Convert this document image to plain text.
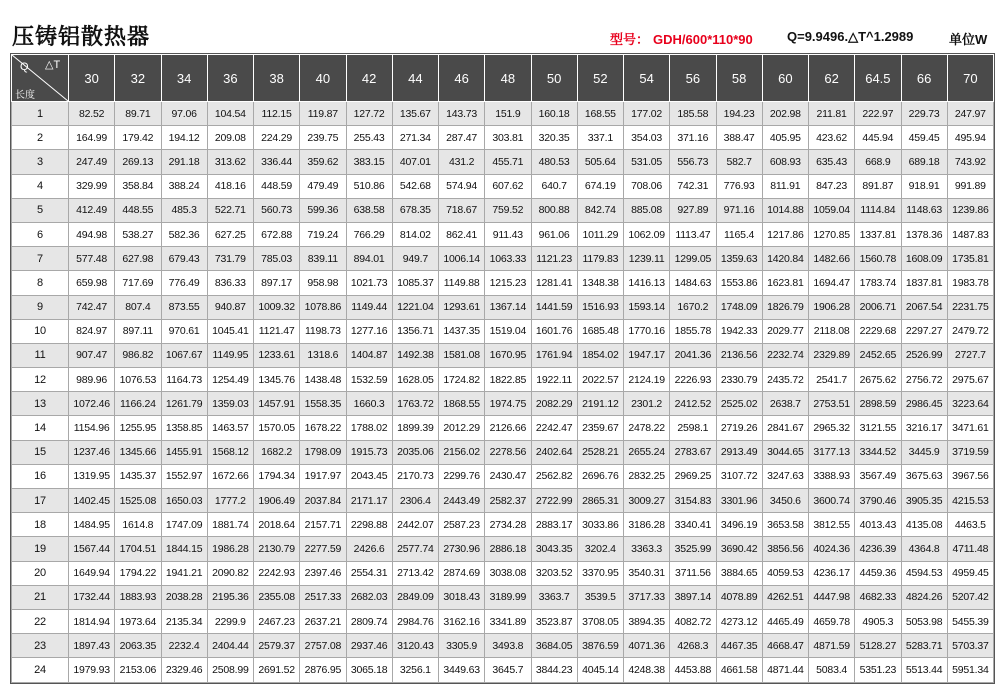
压铸铝散热器	型号： GDH/600*110*90	Q=9.9496.△T^1.2989	单位W
Q △T
长度	30	32	34	36	38	40	42	44	46	48	50	52	54	56	58	60	62	64.5	66	70
1	82.52	89.71	97.06	104.54	112.15	119.87	127.72	135.67	143.73	151.9	160.18	168.55	177.02	185.58	194.23	202.98	211.81	222.97	229.73	247.97
2	164.99	179.42	194.12	209.08	224.29	239.75	255.43	271.34	287.47	303.81	320.35	337.1	354.03	371.16	388.47	405.95	423.62	445.94	459.45	495.94
3	247.49	269.13	291.18	313.62	336.44	359.62	383.15	407.01	431.2	455.71	480.53	505.64	531.05	556.73	582.7	608.93	635.43	668.9	689.18	743.92
4	329.99	358.84	388.24	418.16	448.59	479.49	510.86	542.68	574.94	607.62	640.7	674.19	708.06	742.31	776.93	811.91	847.23	891.87	918.91	991.89
5	412.49	448.55	485.3	522.71	560.73	599.36	638.58	678.35	718.67	759.52	800.88	842.74	885.08	927.89	971.16	1014.88	1059.04	1114.84	1148.63	1239.86
6	494.98	538.27	582.36	627.25	672.88	719.24	766.29	814.02	862.41	911.43	961.06	1011.29	1062.09	1113.47	1165.4	1217.86	1270.85	1337.81	1378.36	1487.83
7	577.48	627.98	679.43	731.79	785.03	839.11	894.01	949.7	1006.14	1063.33	1121.23	1179.83	1239.11	1299.05	1359.63	1420.84	1482.66	1560.78	1608.09	1735.81
8	659.98	717.69	776.49	836.33	897.17	958.98	1021.73	1085.37	1149.88	1215.23	1281.41	1348.38	1416.13	1484.63	1553.86	1623.81	1694.47	1783.74	1837.81	1983.78
9	742.47	807.4	873.55	940.87	1009.32	1078.86	1149.44	1221.04	1293.61	1367.14	1441.59	1516.93	1593.14	1670.2	1748.09	1826.79	1906.28	2006.71	2067.54	2231.75
10	824.97	897.11	970.61	1045.41	1121.47	1198.73	1277.16	1356.71	1437.35	1519.04	1601.76	1685.48	1770.16	1855.78	1942.33	2029.77	2118.08	2229.68	2297.27	2479.72
11	907.47	986.82	1067.67	1149.95	1233.61	1318.6	1404.87	1492.38	1581.08	1670.95	1761.94	1854.02	1947.17	2041.36	2136.56	2232.74	2329.89	2452.65	2526.99	2727.7
12	989.96	1076.53	1164.73	1254.49	1345.76	1438.48	1532.59	1628.05	1724.82	1822.85	1922.11	2022.57	2124.19	2226.93	2330.79	2435.72	2541.7	2675.62	2756.72	2975.67
13	1072.46	1166.24	1261.79	1359.03	1457.91	1558.35	1660.3	1763.72	1868.55	1974.75	2082.29	2191.12	2301.2	2412.52	2525.02	2638.7	2753.51	2898.59	2986.45	3223.64
14	1154.96	1255.95	1358.85	1463.57	1570.05	1678.22	1788.02	1899.39	2012.29	2126.66	2242.47	2359.67	2478.22	2598.1	2719.26	2841.67	2965.32	3121.55	3216.17	3471.61
15	1237.46	1345.66	1455.91	1568.12	1682.2	1798.09	1915.73	2035.06	2156.02	2278.56	2402.64	2528.21	2655.24	2783.67	2913.49	3044.65	3177.13	3344.52	3445.9	3719.59
16	1319.95	1435.37	1552.97	1672.66	1794.34	1917.97	2043.45	2170.73	2299.76	2430.47	2562.82	2696.76	2832.25	2969.25	3107.72	3247.63	3388.93	3567.49	3675.63	3967.56
17	1402.45	1525.08	1650.03	1777.2	1906.49	2037.84	2171.17	2306.4	2443.49	2582.37	2722.99	2865.31	3009.27	3154.83	3301.96	3450.6	3600.74	3790.46	3905.35	4215.53
18	1484.95	1614.8	1747.09	1881.74	2018.64	2157.71	2298.88	2442.07	2587.23	2734.28	2883.17	3033.86	3186.28	3340.41	3496.19	3653.58	3812.55	4013.43	4135.08	4463.5
19	1567.44	1704.51	1844.15	1986.28	2130.79	2277.59	2426.6	2577.74	2730.96	2886.18	3043.35	3202.4	3363.3	3525.99	3690.42	3856.56	4024.36	4236.39	4364.8	4711.48
20	1649.94	1794.22	1941.21	2090.82	2242.93	2397.46	2554.31	2713.42	2874.69	3038.08	3203.52	3370.95	3540.31	3711.56	3884.65	4059.53	4236.17	4459.36	4594.53	4959.45
21	1732.44	1883.93	2038.28	2195.36	2355.08	2517.33	2682.03	2849.09	3018.43	3189.99	3363.7	3539.5	3717.33	3897.14	4078.89	4262.51	4447.98	4682.33	4824.26	5207.42
22	1814.94	1973.64	2135.34	2299.9	2467.23	2637.21	2809.74	2984.76	3162.16	3341.89	3523.87	3708.05	3894.35	4082.72	4273.12	4465.49	4659.78	4905.3	5053.98	5455.39
23	1897.43	2063.35	2232.4	2404.44	2579.37	2757.08	2937.46	3120.43	3305.9	3493.8	3684.05	3876.59	4071.36	4268.3	4467.35	4668.47	4871.59	5128.27	5283.71	5703.37
24	1979.93	2153.06	2329.46	2508.99	2691.52	2876.95	3065.18	3256.1	3449.63	3645.7	3844.23	4045.14	4248.38	4453.88	4661.58	4871.44	5083.4	5351.23	5513.44	5951.34
